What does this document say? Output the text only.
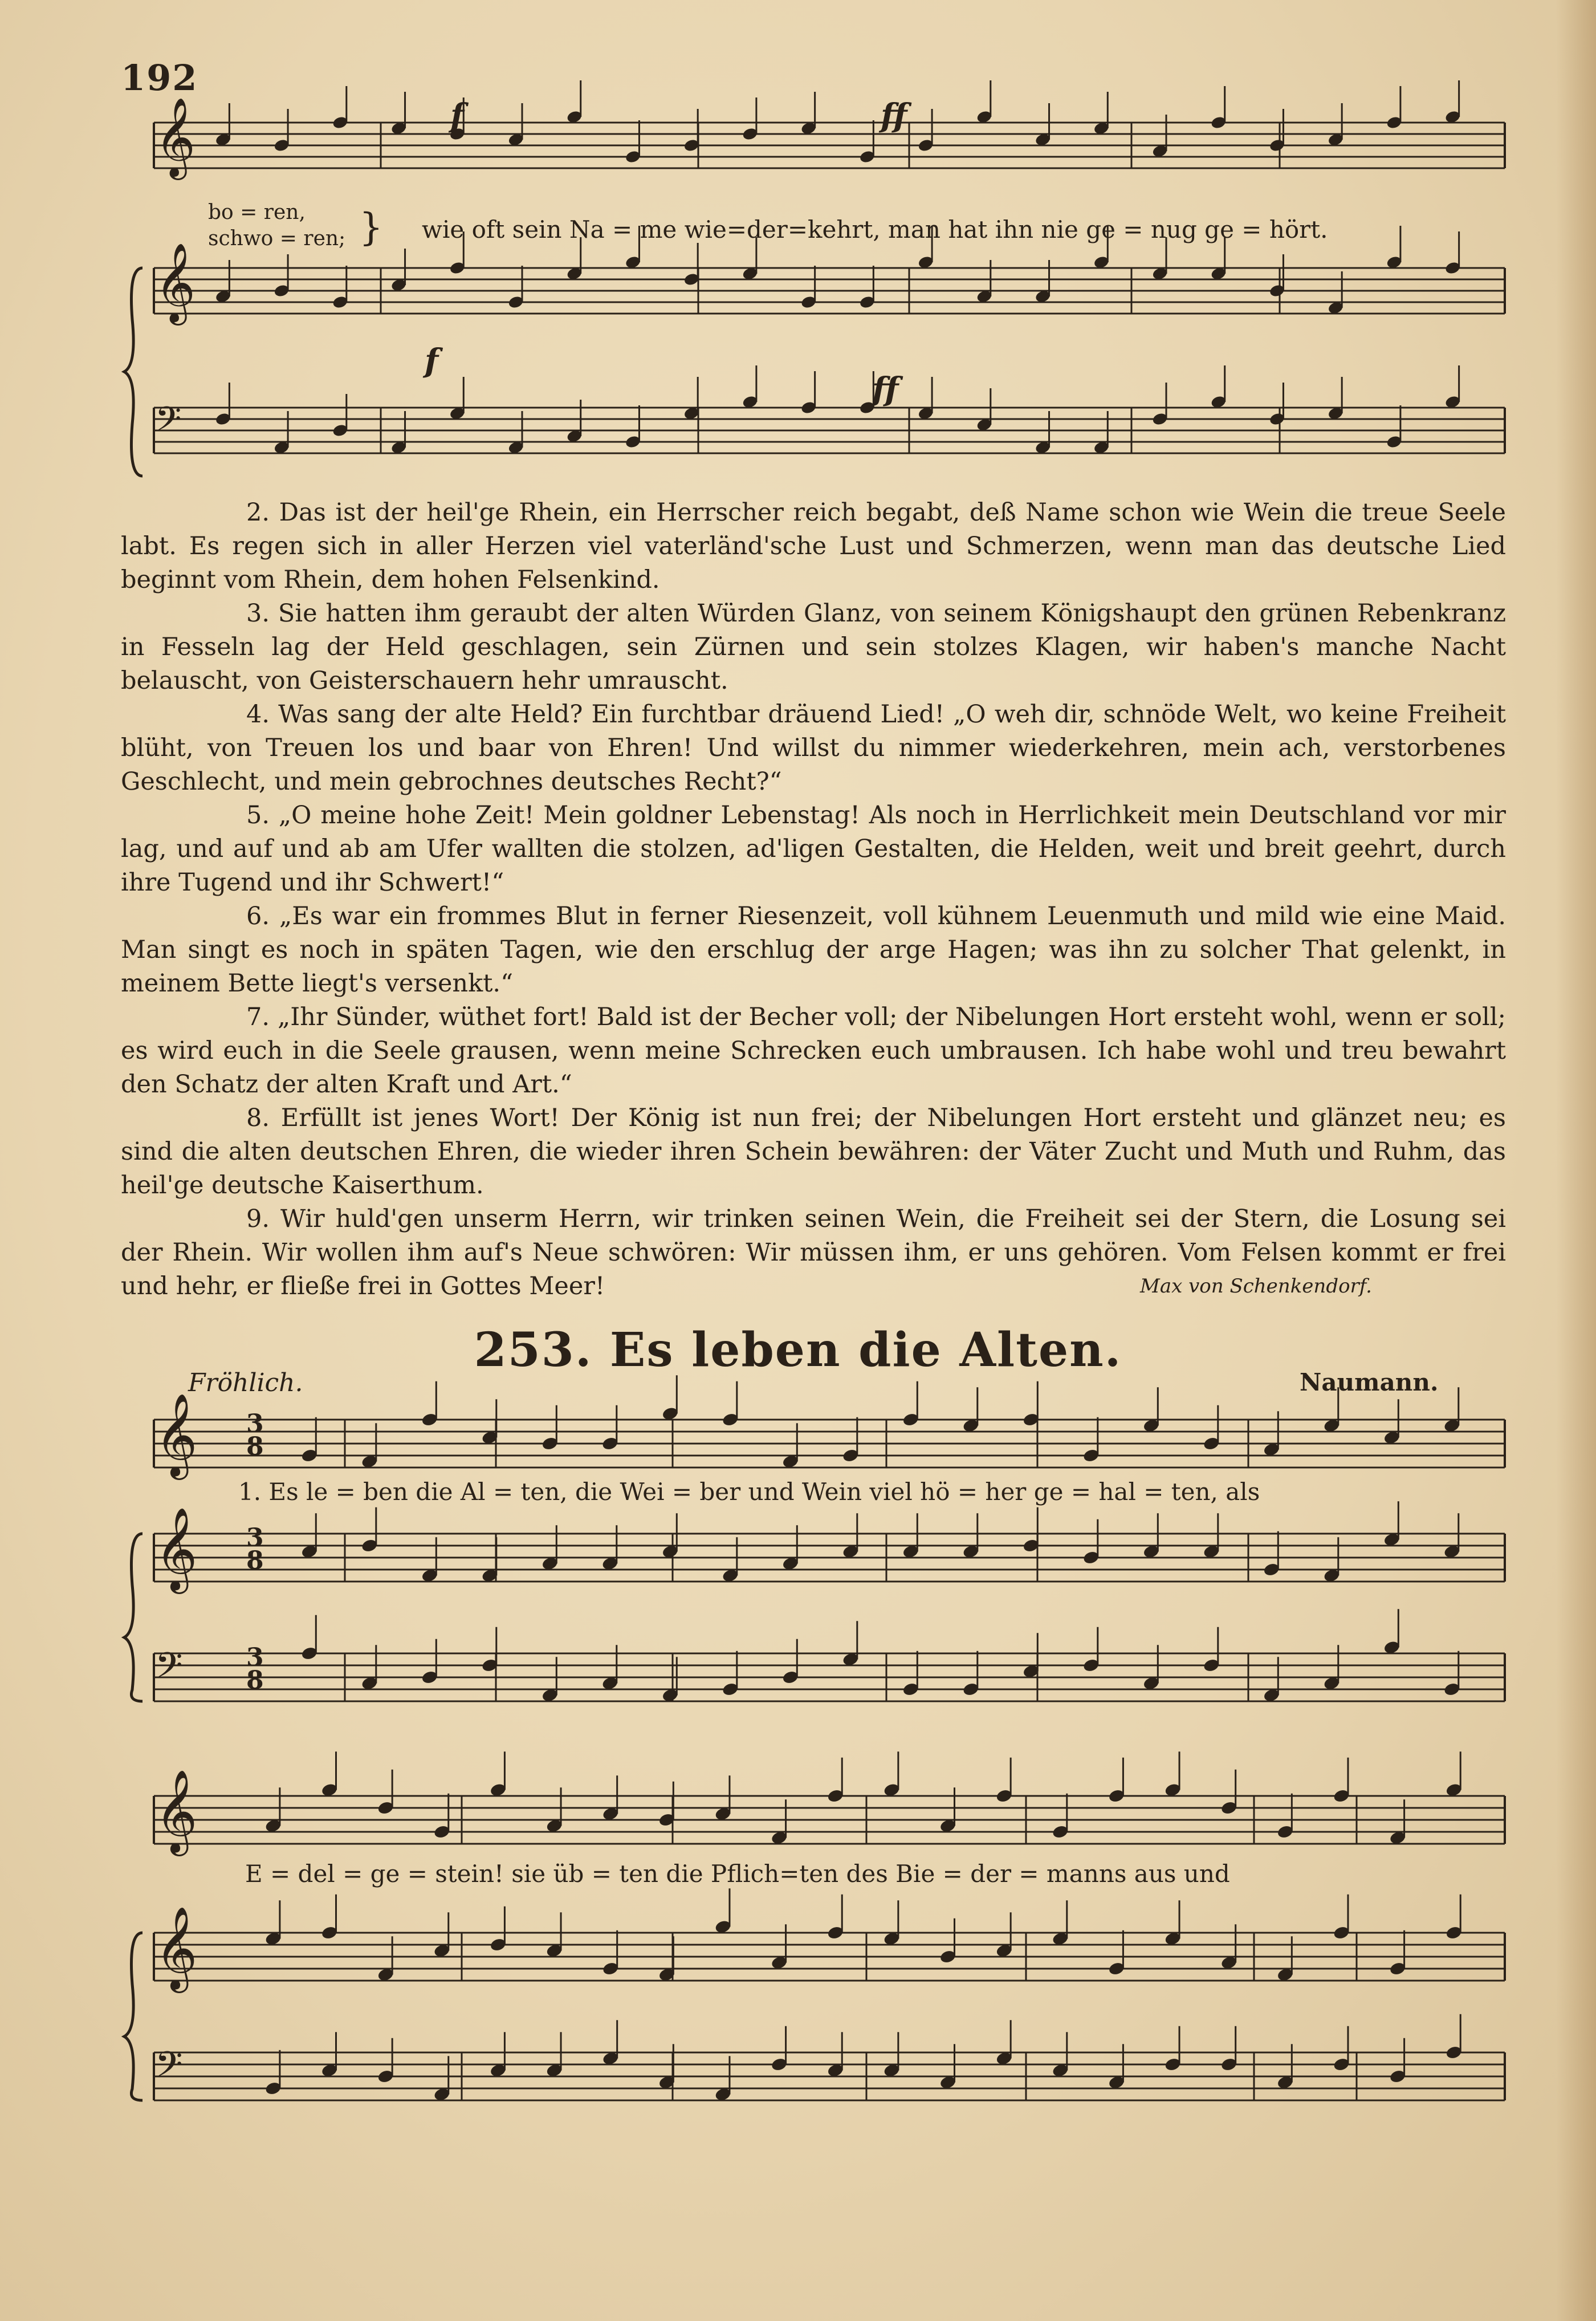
192
𝄞
𝄞
𝄢
𝄞
𝄞
𝄢
𝄞
𝄞
𝄢
f	ff
f
ff
bo = ren,
schwo = ren; } wie oft sein Na = me wie=der=kehrt, man hat ihn nie ge = nug ge = hört.

2. Das ist der heil'ge Rhein, ein Herrscher reich begabt, deß Name schon wie Wein die treue Seele labt. Es regen sich in aller Herzen viel vaterländ'sche Lust und Schmerzen, wenn man das deutsche Lied beginnt vom Rhein, dem hohen Felsenkind.

3. Sie hatten ihm geraubt der alten Würden Glanz, von seinem Königshaupt den grünen Rebenkranz in Fesseln lag der Held geschlagen, sein Zürnen und sein stolzes Klagen, wir haben's manche Nacht belauscht, von Geisterschauern hehr umrauscht.

4. Was sang der alte Held? Ein furchtbar dräuend Lied! „O weh dir, schnöde Welt, wo keine Freiheit blüht, von Treuen los und baar von Ehren! Und willst du nimmer wiederkehren, mein ach, verstorbenes Geschlecht, und mein gebrochnes deutsches Recht?“

5. „O meine hohe Zeit! Mein goldner Lebenstag! Als noch in Herrlichkeit mein Deutschland vor mir lag, und auf und ab am Ufer wallten die stolzen, ad'ligen Gestalten, die Helden, weit und breit geehrt, durch ihre Tugend und ihr Schwert!“

6. „Es war ein frommes Blut in ferner Riesenzeit, voll kühnem Leuenmuth und mild wie eine Maid. Man singt es noch in späten Tagen, wie den erschlug der arge Hagen; was ihn zu solcher That gelenkt, in meinem Bette liegt's versenkt.“

7. „Ihr Sünder, wüthet fort! Bald ist der Becher voll; der Nibelungen Hort ersteht wohl, wenn er soll; es wird euch in die Seele grausen, wenn meine Schrecken euch umbrausen. Ich habe wohl und treu bewahrt den Schatz der alten Kraft und Art.“

8. Erfüllt ist jenes Wort! Der König ist nun frei; der Nibelungen Hort ersteht und glänzet neu; es sind die alten deutschen Ehren, die wieder ihren Schein bewähren: der Väter Zucht und Muth und Ruhm, das heil'ge deutsche Kaiserthum.

9. Wir huld'gen unserm Herrn, wir trinken seinen Wein, die Freiheit sei der Stern, die Losung sei der Rhein. Wir wollen ihm auf's Neue schwören: Wir müssen ihm, er uns gehören. Vom Felsen kommt er frei und hehr, er fließe frei in Gottes Meer!	Max von Schenkendorf.
253. Es leben die Alten.
Fröhlich.	Naumann.
3
8
3
8
3
8
1. Es le = ben die Al = ten, die Wei = ber und Wein viel hö = her ge = hal = ten, als
E = del = ge = stein! sie üb = ten die Pflich=ten des Bie = der = manns aus und
